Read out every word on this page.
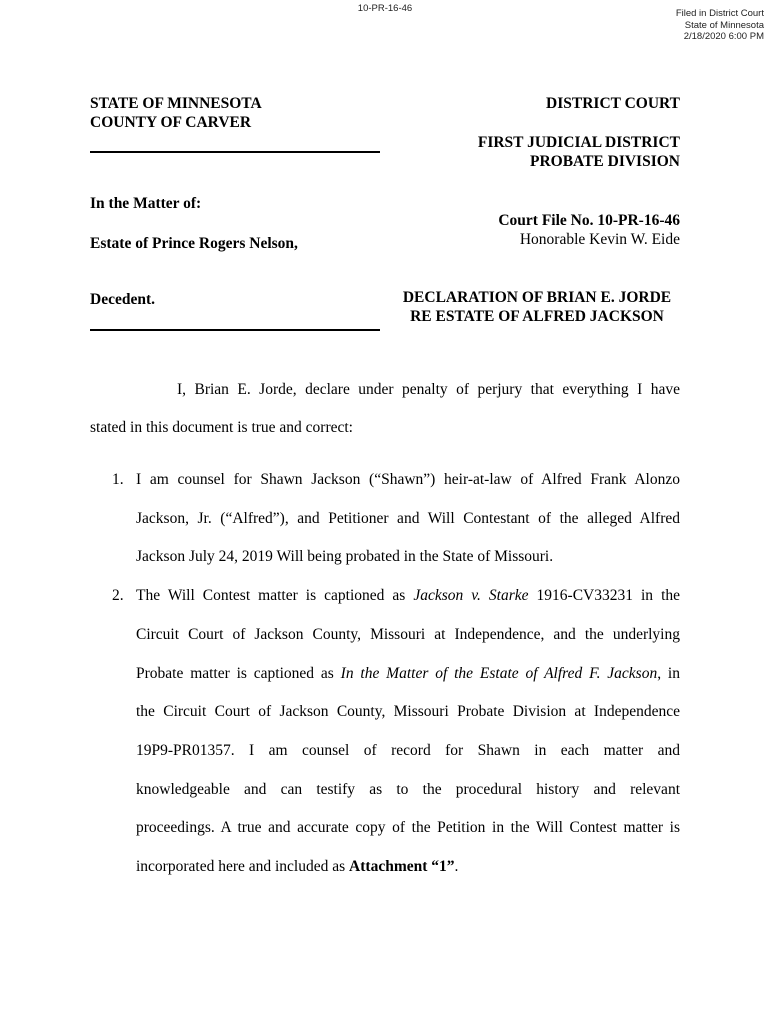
10-PR-16-46	Filed in District Court
State of Minnesota
2/18/2020 6:00 PM
STATE OF MINNESOTA
COUNTY OF CARVER
In the Matter of:
Estate of Prince Rogers Nelson,
Decedent.
DISTRICT COURT
FIRST JUDICIAL DISTRICT
PROBATE DIVISION
Court File No. 10-PR-16-46
Honorable Kevin W. Eide
DECLARATION OF BRIAN E. JORDE
RE ESTATE OF ALFRED JACKSON
I, Brian E. Jorde, declare under penalty of perjury that everything I have
stated in this document is true and correct:
1. I am counsel for Shawn Jackson (“Shawn”) heir-at-law of Alfred Frank Alonzo
Jackson, Jr. (“Alfred”), and Petitioner and Will Contestant of the alleged Alfred
Jackson July 24, 2019 Will being probated in the State of Missouri.
2. The Will Contest matter is captioned as Jackson v. Starke 1916-CV33231 in the
Circuit Court of Jackson County, Missouri at Independence, and the underlying
Probate matter is captioned as In the Matter of the Estate of Alfred F. Jackson, in
the Circuit Court of Jackson County, Missouri Probate Division at Independence
19P9-PR01357. I am counsel of record for Shawn in each matter and
knowledgeable and can testify as to the procedural history and relevant
proceedings. A true and accurate copy of the Petition in the Will Contest matter is
incorporated here and included as Attachment “1”.
